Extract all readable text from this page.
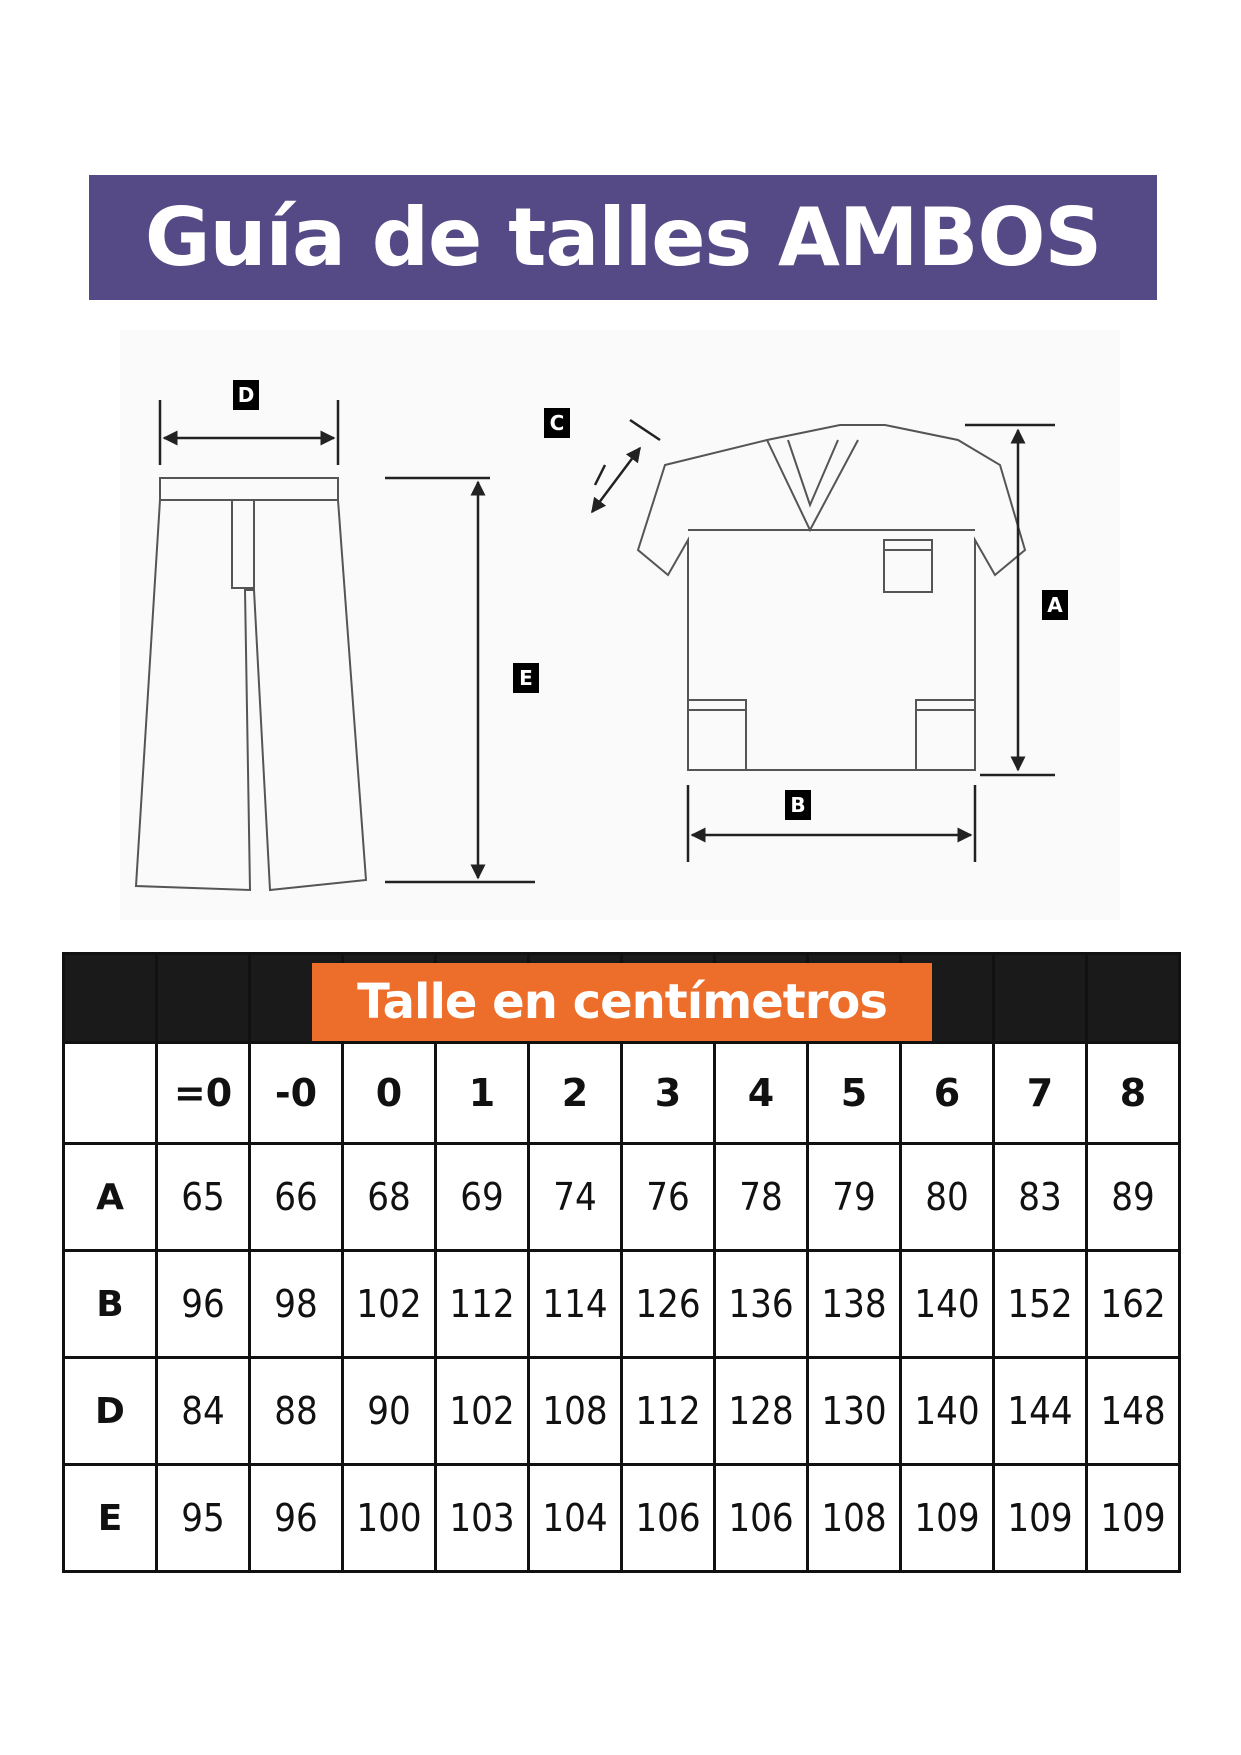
Guía de talles AMBOS
D
C
E
A
B

	=0	-0	0	1	2	3	4	5	6	7	8
A	65	66	68	69	74	76	78	79	80	83	89
B	96	98	102	112	114	126	136	138	140	152	162
D	84	88	90	102	108	112	128	130	140	144	148
E	95	96	100	103	104	106	106	108	109	109	109
Talle en centímetros
